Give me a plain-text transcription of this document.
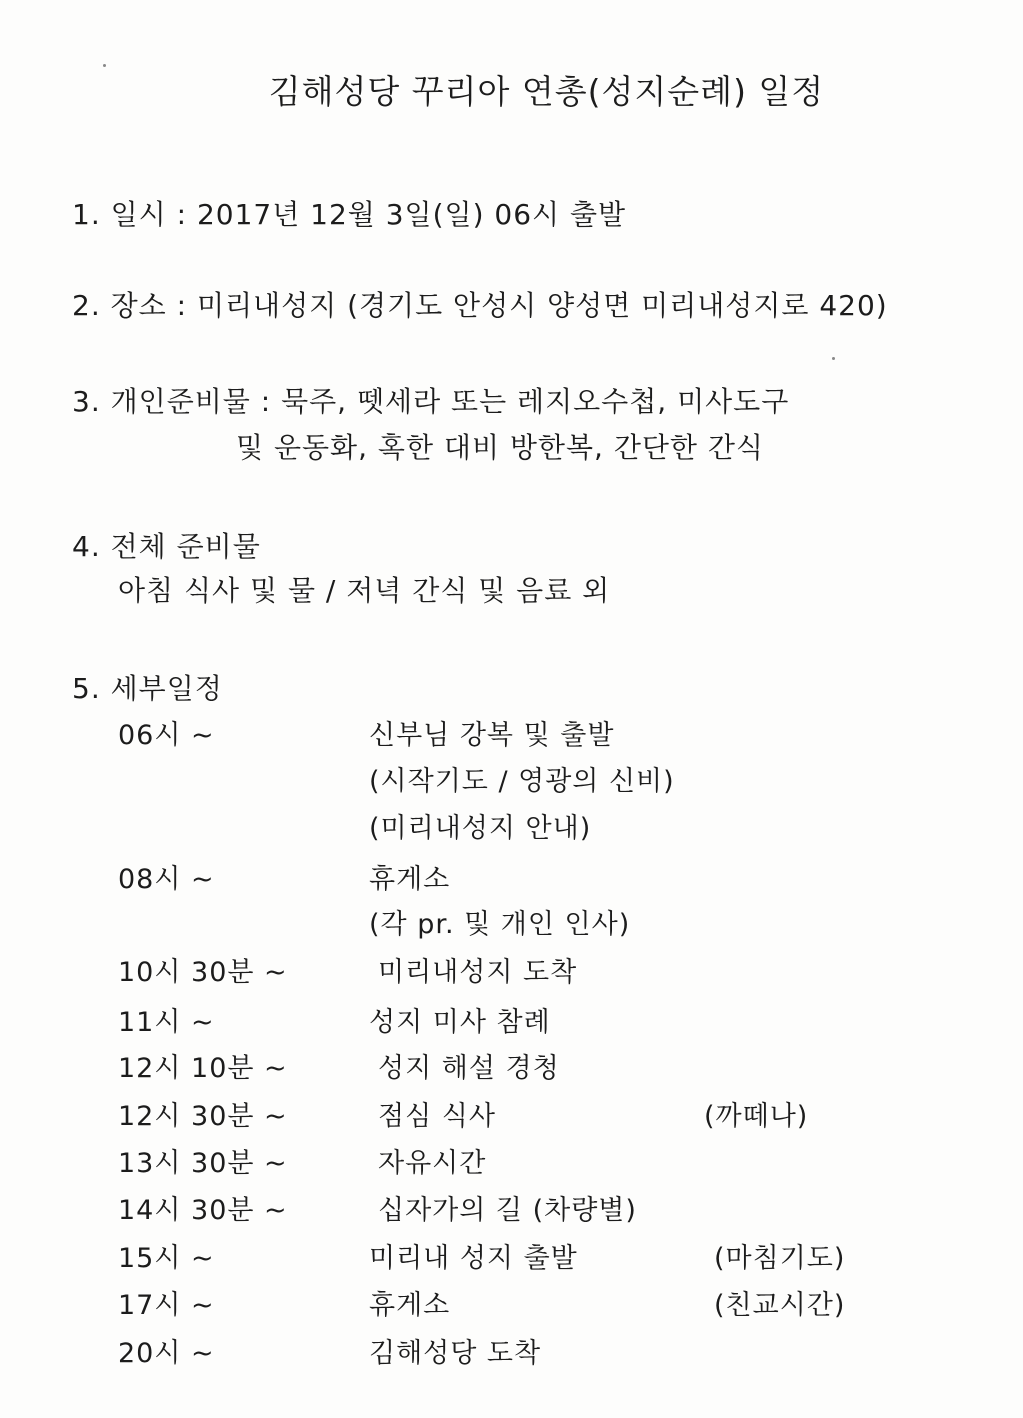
김해성당 꾸리아 연총(성지순례) 일정
1. 일시 : 2017년 12월 3일(일) 06시 출발
2. 장소 : 미리내성지 (경기도 안성시 양성면 미리내성지로 420)
3. 개인준비물 : 묵주, 뗏세라 또는 레지오수첩, 미사도구
및 운동화, 혹한 대비 방한복, 간단한 간식
4. 전체 준비물
아침 식사 및 물 / 저녁 간식 및 음료 외
5. 세부일정
06시 ~	신부님 강복 및 출발
(시작기도 / 영광의 신비)
(미리내성지 안내)
08시 ~	휴게소
(각 pr. 및 개인 인사)
10시 30분 ~	미리내성지 도착
11시 ~	성지 미사 참례
12시 10분 ~	성지 해설 경청
12시 30분 ~	점심 식사	(까떼나)
13시 30분 ~	자유시간
14시 30분 ~	십자가의 길 (차량별)
15시 ~	미리내 성지 출발	(마침기도)
17시 ~	휴게소	(친교시간)
20시 ~	김해성당 도착
